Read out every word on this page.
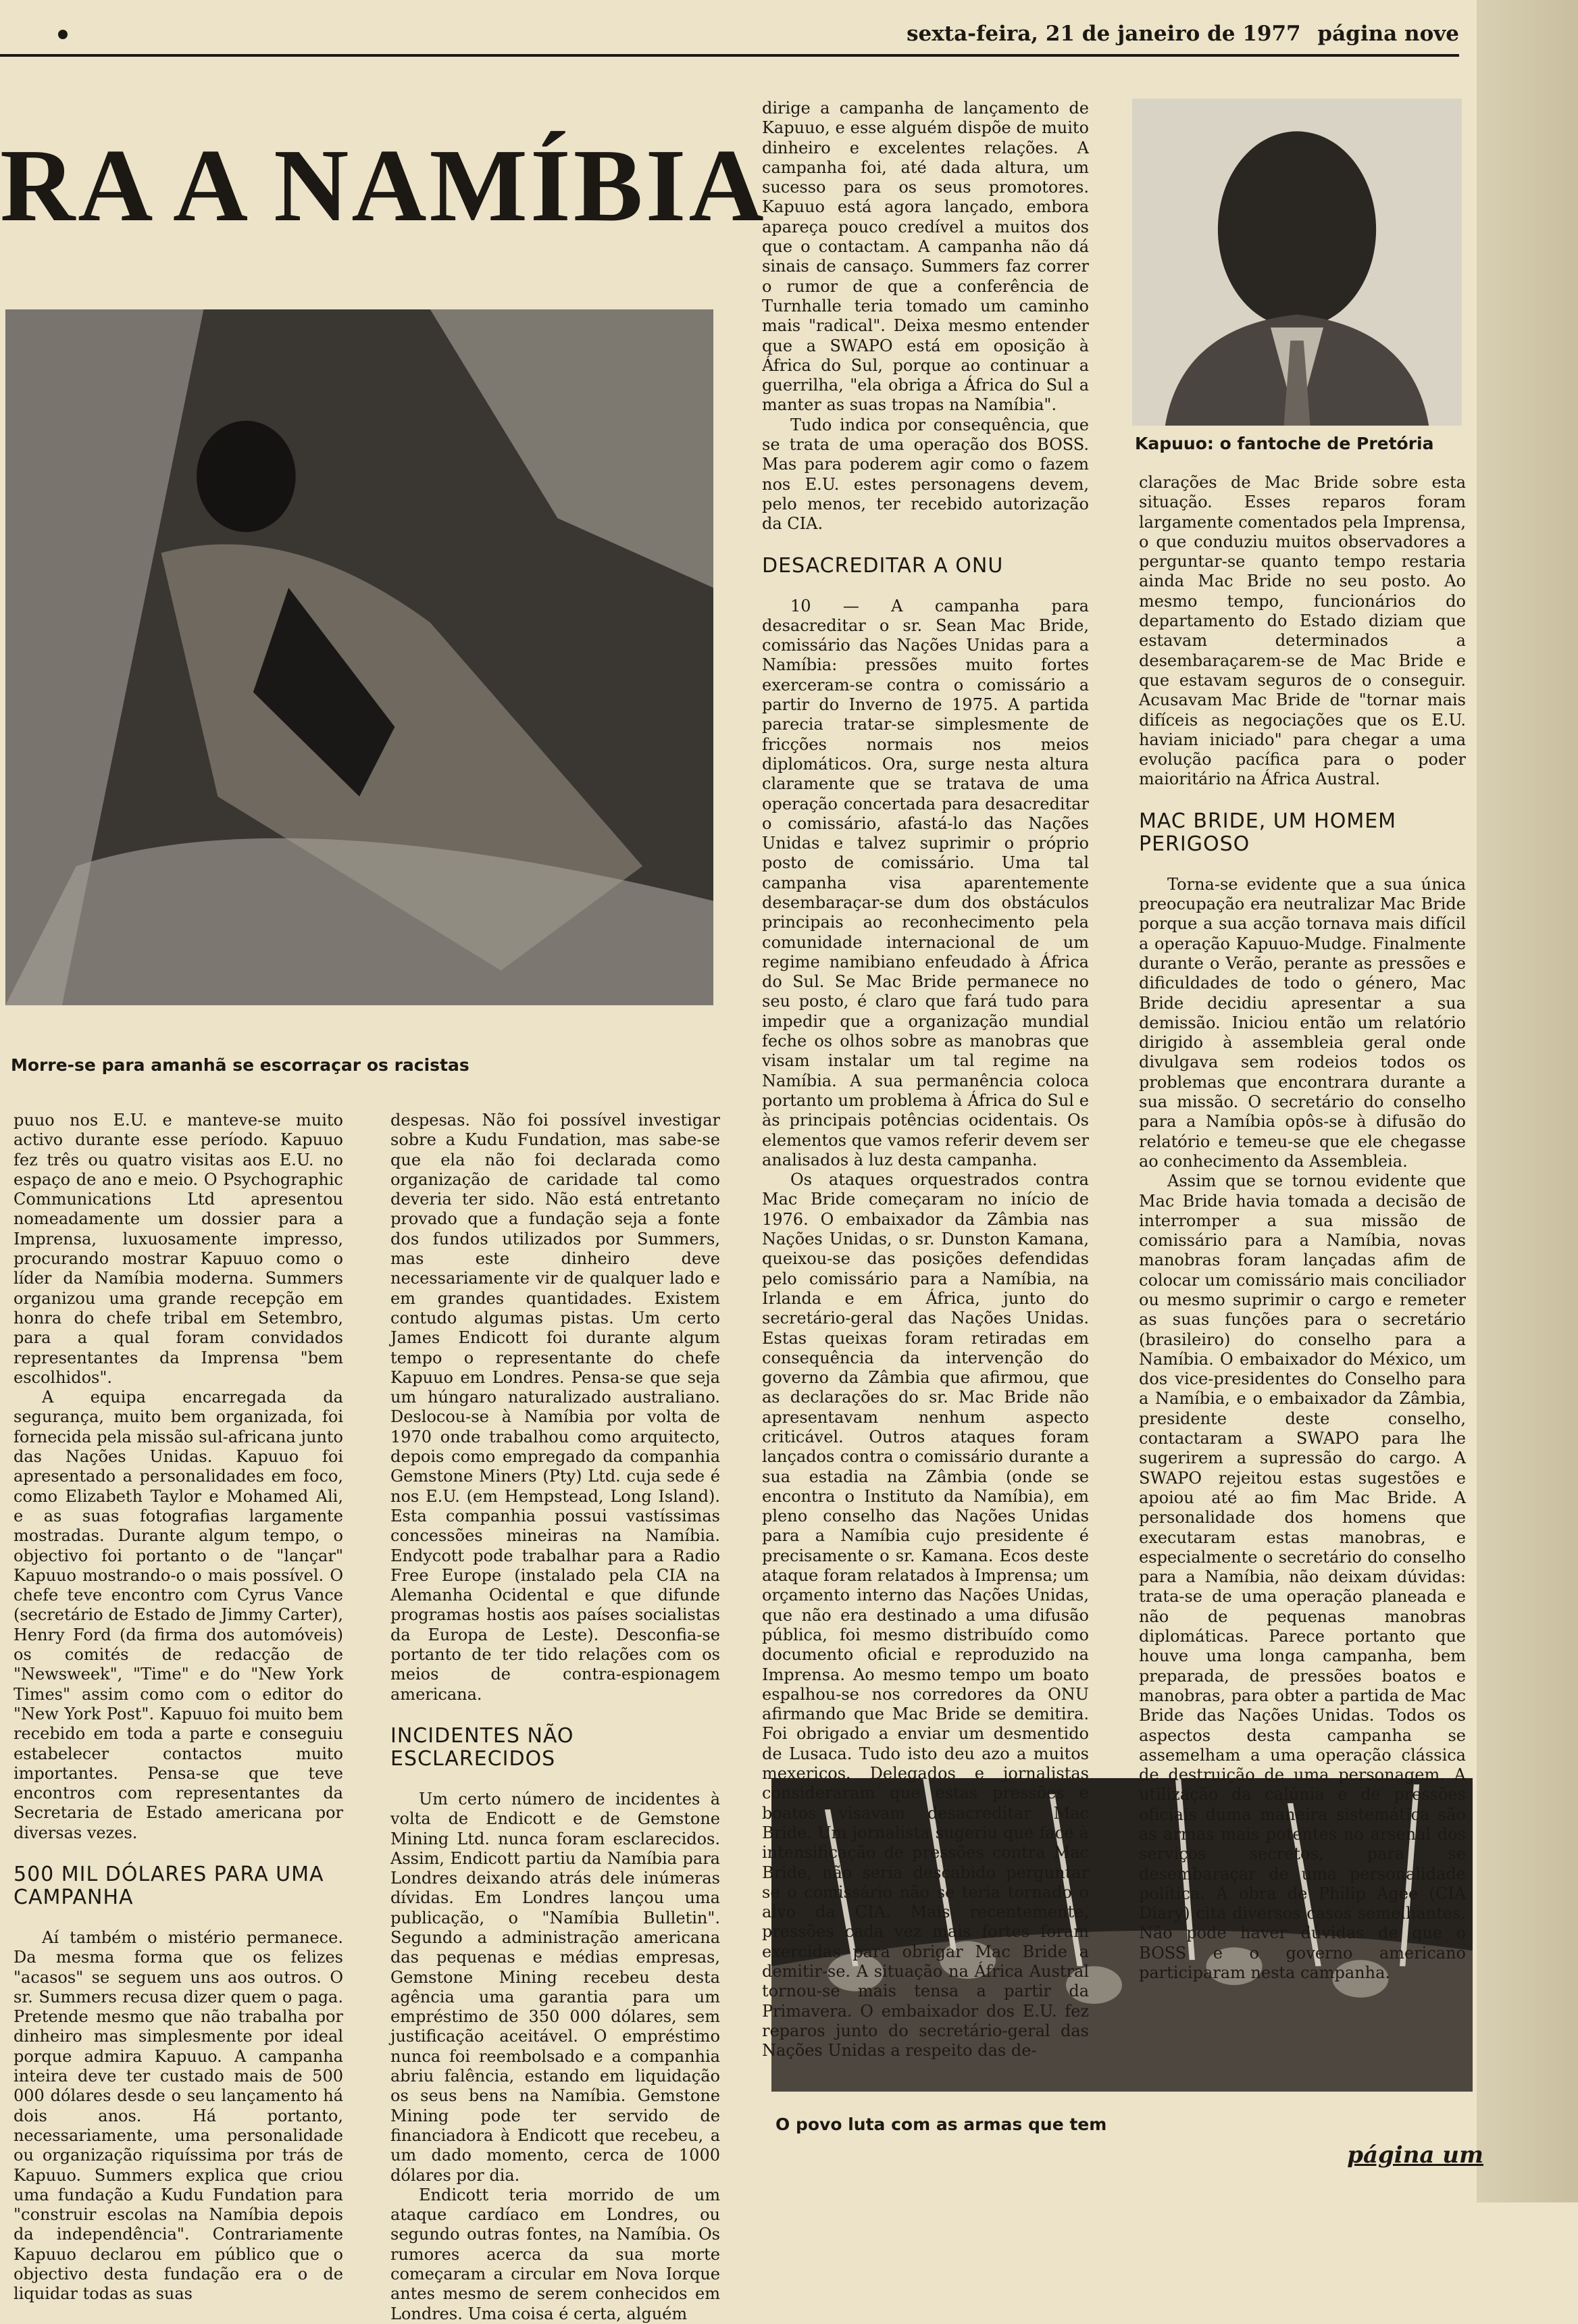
sexta-feira, 21 de janeiro de 1977 página nove
RA A NAMÍBIA
Morre-se para amanhã se escorraçar os racistas
Kapuuo: o fantoche de Pretória
O povo luta com as armas que tem

puuo nos E.U. e manteve-se muito activo durante esse período. Kapuuo fez três ou quatro visitas aos E.U. no espaço de ano e meio. O Psychographic Communications Ltd apresentou nomeadamente um dossier para a Imprensa, luxuosamente impresso, procurando mostrar Kapuuo como o líder da Namíbia moderna. Summers organizou uma grande recepção em honra do chefe tribal em Setembro, para a qual foram convidados representantes da Imprensa "bem escolhidos".

A equipa encarregada da segurança, muito bem organizada, foi fornecida pela missão sul-africana junto das Nações Unidas. Kapuuo foi apresentado a personalidades em foco, como Elizabeth Taylor e Mohamed Ali, e as suas fotografias largamente mostradas. Durante algum tempo, o objectivo foi portanto o de "lançar" Kapuuo mostrando-o o mais possível. O chefe teve encontro com Cyrus Vance (secretário de Estado de Jimmy Carter), Henry Ford (da firma dos automóveis) os comités de redacção de "Newsweek", "Time" e do "New York Times" assim como com o editor do "New York Post". Kapuuo foi muito bem recebido em toda a parte e conseguiu estabelecer contactos muito importantes. Pensa-se que teve encontros com representantes da Secretaria de Estado americana por diversas vezes.

500 MIL DÓLARES PARA UMA CAMPANHA

Aí também o mistério permanece. Da mesma forma que os felizes "acasos" se seguem uns aos outros. O sr. Summers recusa dizer quem o paga. Pretende mesmo que não trabalha por dinheiro mas simplesmente por ideal porque admira Kapuuo. A campanha inteira deve ter custado mais de 500 000 dólares desde o seu lançamento há dois anos. Há portanto, necessariamente, uma personalidade ou organização riquíssima por trás de Kapuuo. Summers explica que criou uma fundação a Kudu Fundation para "construir escolas na Namíbia depois da independência". Contrariamente Kapuuo declarou em público que o objectivo desta fundação era o de liquidar todas as suas

despesas. Não foi possível investigar sobre a Kudu Fundation, mas sabe-se que ela não foi declarada como organização de caridade tal como deveria ter sido. Não está entretanto provado que a fundação seja a fonte dos fundos utilizados por Summers, mas este dinheiro deve necessariamente vir de qualquer lado e em grandes quantidades. Existem contudo algumas pistas. Um certo James Endicott foi durante algum tempo o representante do chefe Kapuuo em Londres. Pensa-se que seja um húngaro naturalizado australiano. Deslocou-se à Namíbia por volta de 1970 onde trabalhou como arquitecto, depois como empregado da companhia Gemstone Miners (Pty) Ltd. cuja sede é nos E.U. (em Hempstead, Long Island). Esta companhia possui vastíssimas concessões mineiras na Namíbia. Endycott pode trabalhar para a Radio Free Europe (instalado pela CIA na Alemanha Ocidental e que difunde programas hostis aos países socialistas da Europa de Leste). Desconfia-se portanto de ter tido relações com os meios de contra-espionagem americana.

INCIDENTES NÃO ESCLARECIDOS

Um certo número de incidentes à volta de Endicott e de Gemstone Mining Ltd. nunca foram esclarecidos. Assim, Endicott partiu da Namíbia para Londres deixando atrás dele inúmeras dívidas. Em Londres lançou uma publicação, o "Namíbia Bulletin". Segundo a administração americana das pequenas e médias empresas, Gemstone Mining recebeu desta agência uma garantia para um empréstimo de 350 000 dólares, sem justificação aceitável. O empréstimo nunca foi reembolsado e a companhia abriu falência, estando em liquidação os seus bens na Namíbia. Gemstone Mining pode ter servido de financiadora à Endicott que recebeu, a um dado momento, cerca de 1000 dólares por dia.

Endicott teria morrido de um ataque cardíaco em Londres, ou segundo outras fontes, na Namíbia. Os rumores acerca da sua morte começaram a circular em Nova Iorque antes mesmo de serem conhecidos em Londres. Uma coisa é certa, alguém

dirige a campanha de lançamento de Kapuuo, e esse alguém dispõe de muito dinheiro e excelentes relações. A campanha foi, até dada altura, um sucesso para os seus promotores. Kapuuo está agora lançado, embora apareça pouco credível a muitos dos que o contactam. A campanha não dá sinais de cansaço. Summers faz correr o rumor de que a conferência de Turnhalle teria tomado um caminho mais "radical". Deixa mesmo entender que a SWAPO está em oposição à África do Sul, porque ao continuar a guerrilha, "ela obriga a África do Sul a manter as suas tropas na Namíbia".

Tudo indica por consequência, que se trata de uma operação dos BOSS. Mas para poderem agir como o fazem nos E.U. estes personagens devem, pelo menos, ter recebido autorização da CIA.

DESACREDITAR A ONU

10 — A campanha para desacreditar o sr. Sean Mac Bride, comissário das Nações Unidas para a Namíbia: pressões muito fortes exerceram-se contra o comissário a partir do Inverno de 1975. A partida parecia tratar-se simplesmente de fricções normais nos meios diplomáticos. Ora, surge nesta altura claramente que se tratava de uma operação concertada para desacreditar o comissário, afastá-lo das Nações Unidas e talvez suprimir o próprio posto de comissário. Uma tal campanha visa aparentemente desembaraçar-se dum dos obstáculos principais ao reconhecimento pela comunidade internacional de um regime namibiano enfeudado à África do Sul. Se Mac Bride permanece no seu posto, é claro que fará tudo para impedir que a organização mundial feche os olhos sobre as manobras que visam instalar um tal regime na Namíbia. A sua permanência coloca portanto um problema à África do Sul e às principais potências ocidentais. Os elementos que vamos referir devem ser analisados à luz desta campanha.

Os ataques orquestrados contra Mac Bride começaram no início de 1976. O embaixador da Zâmbia nas Nações Unidas, o sr. Dunston Kamana, queixou-se das posições defendidas pelo comissário para a Namíbia, na Irlanda e em África, junto do secretário-geral das Nações Unidas. Estas queixas foram retiradas em consequência da intervenção do governo da Zâmbia que afirmou, que as declarações do sr. Mac Bride não apresentavam nenhum aspecto criticável. Outros ataques foram lançados contra o comissário durante a sua estadia na Zâmbia (onde se encontra o Instituto da Namíbia), em pleno conselho das Nações Unidas para a Namíbia cujo presidente é precisamente o sr. Kamana. Ecos deste ataque foram relatados à Imprensa; um orçamento interno das Nações Unidas, que não era destinado a uma difusão pública, foi mesmo distribuído como documento oficial e reproduzido na Imprensa. Ao mesmo tempo um boato espalhou-se nos corredores da ONU afirmando que Mac Bride se demitira. Foi obrigado a enviar um desmentido de Lusaca. Tudo isto deu azo a muitos mexericos. Delegados e jornalistas consideraram que estas pressões e boatos visavam desacreditar Mac Bride. Um jornalista sugeriu que face à intensificação de pressões contra Mac Bride, não seria descabido perguntar se o comissário não se teria tornado o alvo da CIA. Mais recentemente, pressões cada vez mais fortes foram exercidas para obrigar Mac Bride a demitir-se. A situação na África Austral tornou-se mais tensa a partir da Primavera. O embaixador dos E.U. fez reparos junto do secretário-geral das Nações Unidas a respeito das de-

clarações de Mac Bride sobre esta situação. Esses reparos foram largamente comentados pela Imprensa, o que conduziu muitos observadores a perguntar-se quanto tempo restaria ainda Mac Bride no seu posto. Ao mesmo tempo, funcionários do departamento do Estado diziam que estavam determinados a desembaraçarem-se de Mac Bride e que estavam seguros de o conseguir. Acusavam Mac Bride de "tornar mais difíceis as negociações que os E.U. haviam iniciado" para chegar a uma evolução pacífica para o poder maioritário na África Austral.

MAC BRIDE, UM HOMEM PERIGOSO

Torna-se evidente que a sua única preocupação era neutralizar Mac Bride porque a sua acção tornava mais difícil a operação Kapuuo-Mudge. Finalmente durante o Verão, perante as pressões e dificuldades de todo o género, Mac Bride decidiu apresentar a sua demissão. Iniciou então um relatório dirigido à assembleia geral onde divulgava sem rodeios todos os problemas que encontrara durante a sua missão. O secretário do conselho para a Namíbia opôs-se à difusão do relatório e temeu-se que ele chegasse ao conhecimento da Assembleia.

Assim que se tornou evidente que Mac Bride havia tomada a decisão de interromper a sua missão de comissário para a Namíbia, novas manobras foram lançadas afim de colocar um comissário mais conciliador ou mesmo suprimir o cargo e remeter as suas funções para o secretário (brasileiro) do conselho para a Namíbia. O embaixador do México, um dos vice-presidentes do Conselho para a Namíbia, e o embaixador da Zâmbia, presidente deste conselho, contactaram a SWAPO para lhe sugerirem a supressão do cargo. A SWAPO rejeitou estas sugestões e apoiou até ao fim Mac Bride. A personalidade dos homens que executaram estas manobras, e especialmente o secretário do conselho para a Namíbia, não deixam dúvidas: trata-se de uma operação planeada e não de pequenas manobras diplomáticas. Parece portanto que houve uma longa campanha, bem preparada, de pressões boatos e manobras, para obter a partida de Mac Bride das Nações Unidas. Todos os aspectos desta campanha se assemelham a uma operação clássica de destruição de uma personagem. A utilização da calúnia e de pressões oficiais duma maneira sistemática são as armas mais potentes no arsenal dos serviços secretos, para se desembaraçar de uma personalidade política. A obra de Philip Agee (CIA Diary) cita diversos casos semelhantes. Não pode haver dúvidas de que o BOSS e o governo americano participaram nesta campanha.

página um
